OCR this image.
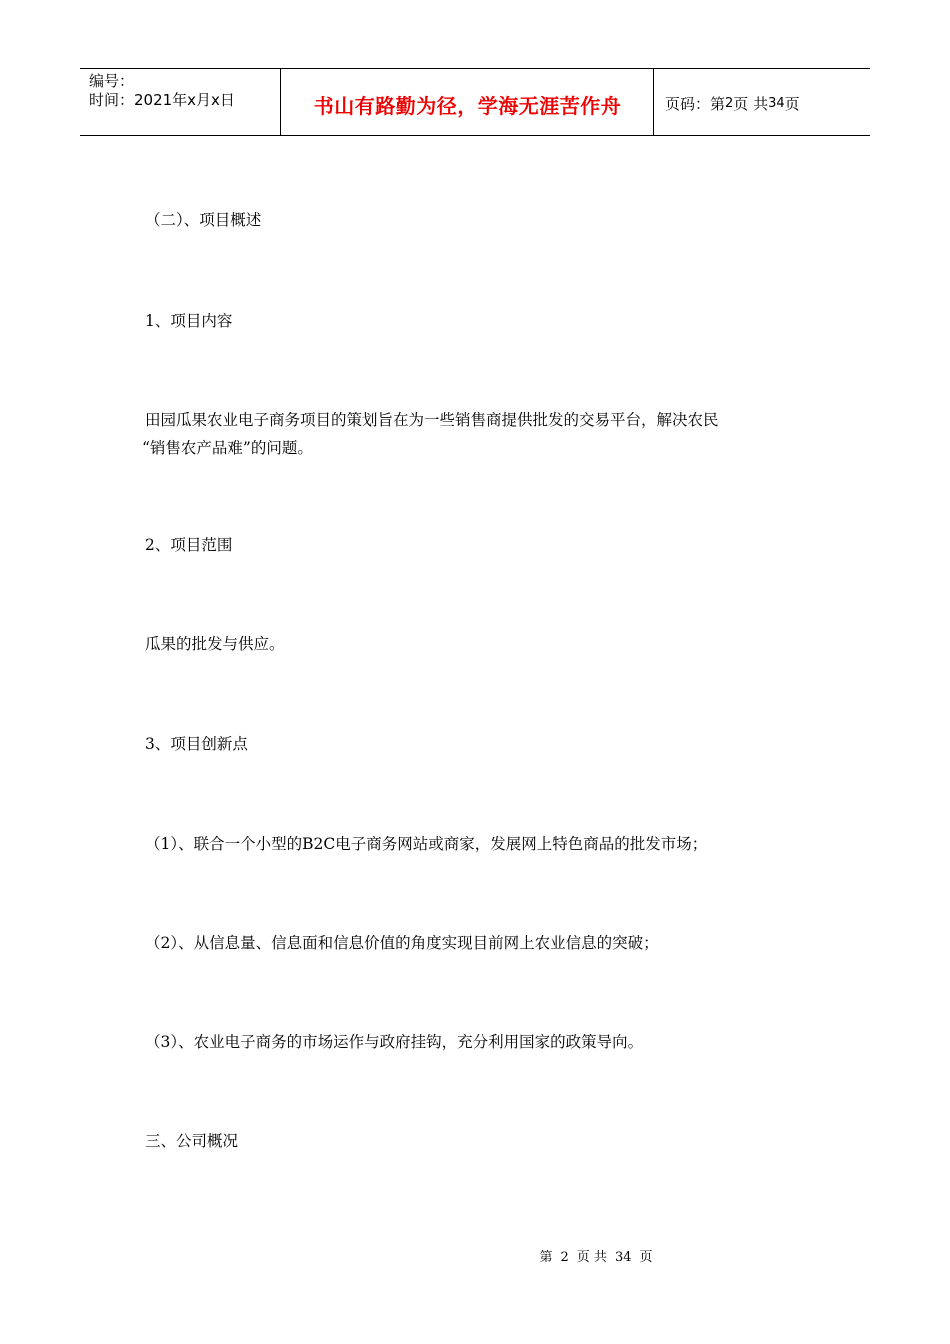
编号：
时间：2021年x月x日	书山有路勤为径，学海无涯苦作舟	页码：第 2 页 共 34 页

（二）、项目概述

1、项目内容

田园瓜果农业电子商务项目的策划旨在为一些销售商提供批发的交易平台，解决农民

“销售农产品难”的问题。

2、项目范围

瓜果的批发与供应。

3、项目创新点

（1）、联合一个小型的B2C电子商务网站或商家，发展网上特色商品的批发市场；

（2）、从信息量、信息面和信息价值的角度实现目前网上农业信息的突破；

（3）、农业电子商务的市场运作与政府挂钩，充分利用国家的政策导向。

三、公司概况

第 2 页 共 34 页
